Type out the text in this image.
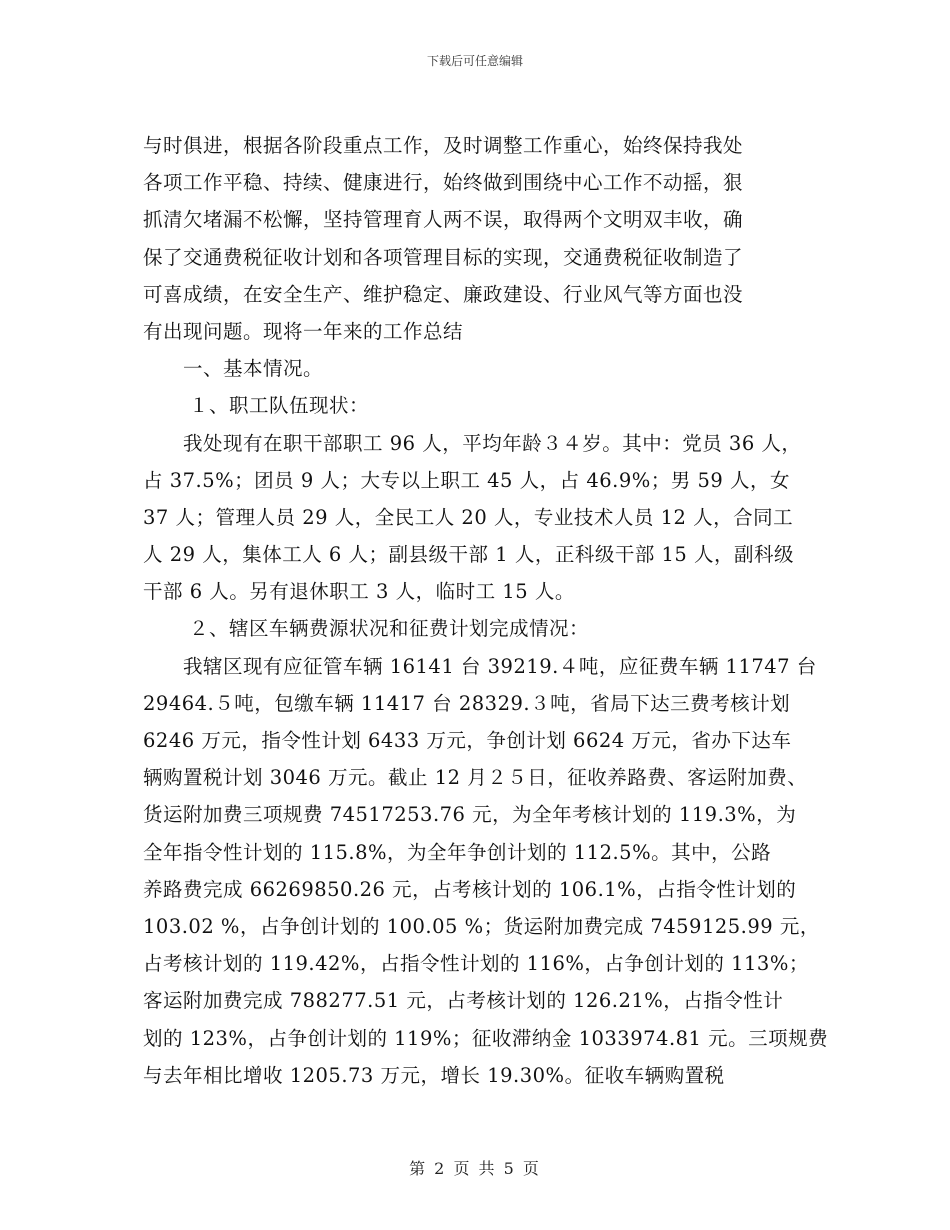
下载后可任意编辑
与时俱进，根据各阶段重点工作，及时调整工作重心，始终保持我处
各项工作平稳、持续、健康进行，始终做到围绕中心工作不动摇，狠
抓清欠堵漏不松懈，坚持管理育人两不误，取得两个文明双丰收，确
保了交通费税征收计划和各项管理目标的实现，交通费税征收制造了
可喜成绩，在安全生产、维护稳定、廉政建设、行业风气等方面也没
有出现问题。现将一年来的工作总结
一、基本情况。
１、职工队伍现状：
我处现有在职干部职工 96 人，平均年龄３４岁。其中：党员 36 人，
占 37.5%；团员 9 人；大专以上职工 45 人，占 46.9%；男 59 人，女
37 人；管理人员 29 人，全民工人 20 人，专业技术人员 12 人，合同工
人 29 人，集体工人 6 人；副县级干部 1 人，正科级干部 15 人，副科级
干部 6 人。另有退休职工 3 人，临时工 15 人。
２、辖区车辆费源状况和征费计划完成情况：
我辖区现有应征管车辆 16141 台 39219.４吨，应征费车辆 11747 台
29464.５吨，包缴车辆 11417 台 28329.３吨，省局下达三费考核计划
6246 万元，指令性计划 6433 万元，争创计划 6624 万元，省办下达车
辆购置税计划 3046 万元。截止 12 月２５日，征收养路费、客运附加费、
货运附加费三项规费 74517253.76 元，为全年考核计划的 119.3%，为
全年指令性计划的 115.8%，为全年争创计划的 112.5%。其中，公路
养路费完成 66269850.26 元，占考核计划的 106.1%，占指令性计划的
103.02 %，占争创计划的 100.05 %；货运附加费完成 7459125.99 元，
占考核计划的 119.42%，占指令性计划的 116%，占争创计划的 113%；
客运附加费完成 788277.51 元，占考核计划的 126.21%，占指令性计
划的 123%，占争创计划的 119%；征收滞纳金 1033974.81 元。三项规费
与去年相比增收 1205.73 万元，增长 19.30%。征收车辆购置税
第 2 页 共 5 页
